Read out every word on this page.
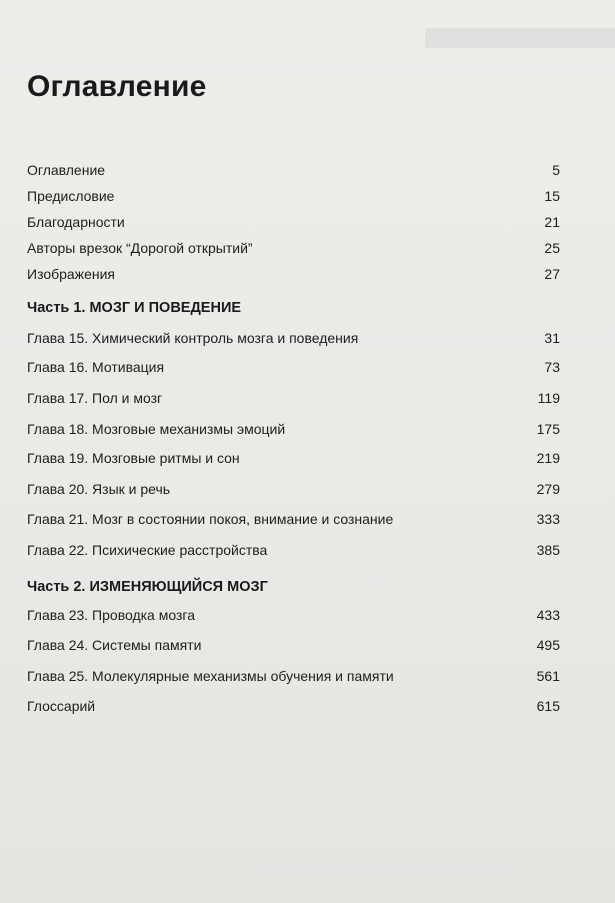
Оглавление
Оглавление	5
Предисловие	15
Благодарности	21
Авторы врезок “Дорогой открытий”	25
Изображения	27
Часть 1. МОЗГ И ПОВЕДЕНИЕ
Глава 15. Химический контроль мозга и поведения	31
Глава 16. Мотивация	73
Глава 17. Пол и мозг	119
Глава 18. Мозговые механизмы эмоций	175
Глава 19. Мозговые ритмы и сон	219
Глава 20. Язык и речь	279
Глава 21. Мозг в состоянии покоя, внимание и сознание	333
Глава 22. Психические расстройства	385
Часть 2. ИЗМЕНЯЮЩИЙСЯ МОЗГ
Глава 23. Проводка мозга	433
Глава 24. Системы памяти	495
Глава 25. Молекулярные механизмы обучения и памяти	561
Глоссарий	615
